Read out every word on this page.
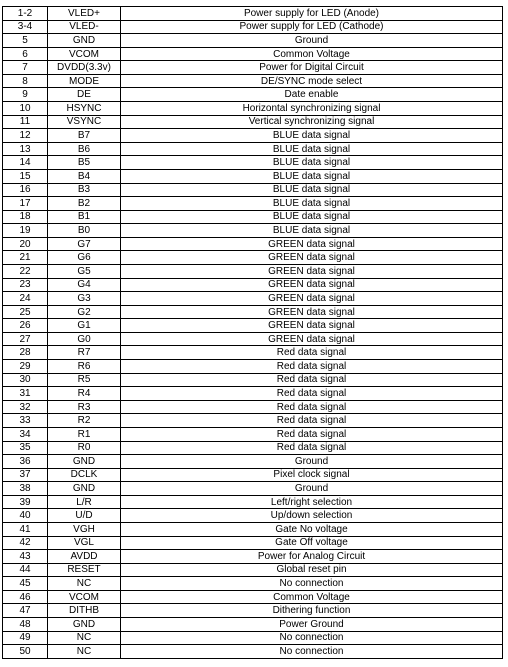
1-2	VLED+	Power supply for LED (Anode)
3-4	VLED-	Power supply for LED (Cathode)
5	GND	Ground
6	VCOM	Common Voltage
7	DVDD(3.3v)	Power for Digital Circuit
8	MODE	DE/SYNC mode select
9	DE	Date enable
10	HSYNC	Horizontal synchronizing signal
11	VSYNC	Vertical synchronizing signal
12	B7	BLUE data signal
13	B6	BLUE data signal
14	B5	BLUE data signal
15	B4	BLUE data signal
16	B3	BLUE data signal
17	B2	BLUE data signal
18	B1	BLUE data signal
19	B0	BLUE data signal
20	G7	GREEN data signal
21	G6	GREEN data signal
22	G5	GREEN data signal
23	G4	GREEN data signal
24	G3	GREEN data signal
25	G2	GREEN data signal
26	G1	GREEN data signal
27	G0	GREEN data signal
28	R7	Red data signal
29	R6	Red data signal
30	R5	Red data signal
31	R4	Red data signal
32	R3	Red data signal
33	R2	Red data signal
34	R1	Red data signal
35	R0	Red data signal
36	GND	Ground
37	DCLK	Pixel clock signal
38	GND	Ground
39	L/R	Left/right selection
40	U/D	Up/down selection
41	VGH	Gate No voltage
42	VGL	Gate Off voltage
43	AVDD	Power for Analog Circuit
44	RESET	Global reset pin
45	NC	No connection
46	VCOM	Common Voltage
47	DITHB	Dithering function
48	GND	Power Ground
49	NC	No connection
50	NC	No connection
